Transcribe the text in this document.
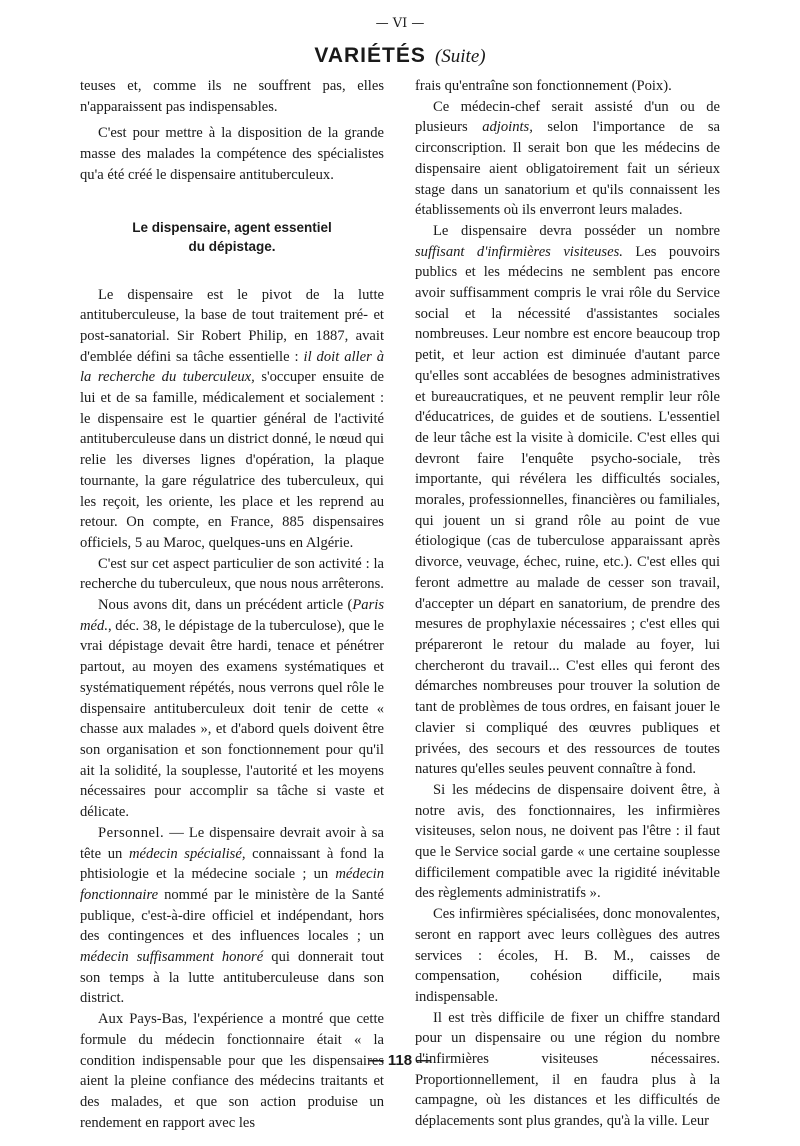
— VI —
VARIÉTÉS (Suite)

teuses et, comme ils ne souffrent pas, elles n'apparaissent pas indispensables.

C'est pour mettre à la disposition de la grande masse des malades la compétence des spécialistes qu'a été créé le dispensaire antituberculeux.

Le dispensaire, agent essentiel
du dépistage.

Le dispensaire est le pivot de la lutte antituberculeuse, la base de tout traitement pré- et post-sanatorial. Sir Robert Philip, en 1887, avait d'emblée défini sa tâche essentielle : il doit aller à la recherche du tuberculeux, s'occuper ensuite de lui et de sa famille, médicalement et socialement : le dispensaire est le quartier général de l'activité antituberculeuse dans un district donné, le nœud qui relie les diverses lignes d'opération, la plaque tournante, la gare régulatrice des tuberculeux, qui les reçoit, les oriente, les place et les reprend au retour. On compte, en France, 885 dispensaires officiels, 5 au Maroc, quelques-uns en Algérie.

C'est sur cet aspect particulier de son activité : la recherche du tuberculeux, que nous nous arrêterons.

Nous avons dit, dans un précédent article (Paris méd., déc. 38, le dépistage de la tuberculose), que le vrai dépistage devait être hardi, tenace et pénétrer partout, au moyen des examens systématiques et systématiquement répétés, nous verrons quel rôle le dispensaire antituberculeux doit tenir de cette « chasse aux malades », et d'abord quels doivent être son organisation et son fonctionnement pour qu'il ait la solidité, la souplesse, l'autorité et les moyens nécessaires pour accomplir sa tâche si vaste et délicate.

Personnel. — Le dispensaire devrait avoir à sa tête un médecin spécialisé, connaissant à fond la phtisiologie et la médecine sociale ; un médecin fonctionnaire nommé par le ministère de la Santé publique, c'est-à-dire officiel et indépendant, hors des contingences et des influences locales ; un médecin suffisamment honoré qui donnerait tout son temps à la lutte antituberculeuse dans son district.

Aux Pays-Bas, l'expérience a montré que cette formule du médecin fonctionnaire était « la condition indispensable pour que les dispensaires aient la pleine confiance des médecins traitants et des malades, et que son action produise un rendement en rapport avec les

frais qu'entraîne son fonctionnement (Poix).

Ce médecin-chef serait assisté d'un ou de plusieurs adjoints, selon l'importance de sa circonscription. Il serait bon que les médecins de dispensaire aient obligatoirement fait un sérieux stage dans un sanatorium et qu'ils connaissent les établissements où ils enverront leurs malades.

Le dispensaire devra posséder un nombre suffisant d'infirmières visiteuses. Les pouvoirs publics et les médecins ne semblent pas encore avoir suffisamment compris le vrai rôle du Service social et la nécessité d'assistantes sociales nombreuses. Leur nombre est encore beaucoup trop petit, et leur action est diminuée d'autant parce qu'elles sont accablées de besognes administratives et bureaucratiques, et ne peuvent remplir leur rôle d'éducatrices, de guides et de soutiens. L'essentiel de leur tâche est la visite à domicile. C'est elles qui devront faire l'enquête psycho-sociale, très importante, qui révélera les difficultés sociales, morales, professionnelles, financières ou familiales, qui jouent un si grand rôle au point de vue étiologique (cas de tuberculose apparaissant après divorce, veuvage, échec, ruine, etc.). C'est elles qui feront admettre au malade de cesser son travail, d'accepter un départ en sanatorium, de prendre des mesures de prophylaxie nécessaires ; c'est elles qui prépareront le retour du malade au foyer, lui chercheront du travail... C'est elles qui feront des démarches nombreuses pour trouver la solution de tant de problèmes de tous ordres, en faisant jouer le clavier si compliqué des œuvres publiques et privées, des secours et des ressources de toutes natures qu'elles seules peuvent connaître à fond.

Si les médecins de dispensaire doivent être, à notre avis, des fonctionnaires, les infirmières visiteuses, selon nous, ne doivent pas l'être : il faut que le Service social garde « une certaine souplesse difficilement compatible avec la rigidité inévitable des règlements administratifs ».

Ces infirmières spécialisées, donc monovalentes, seront en rapport avec leurs collègues des autres services : écoles, H. B. M., caisses de compensation, cohésion difficile, mais indispensable.

Il est très difficile de fixer un chiffre standard pour un dispensaire ou une région du nombre d'infirmières visiteuses nécessaires. Proportionnellement, il en faudra plus à la campagne, où les distances et les difficultés de déplacements sont plus grandes, qu'à la ville. Leur

— 118 —
